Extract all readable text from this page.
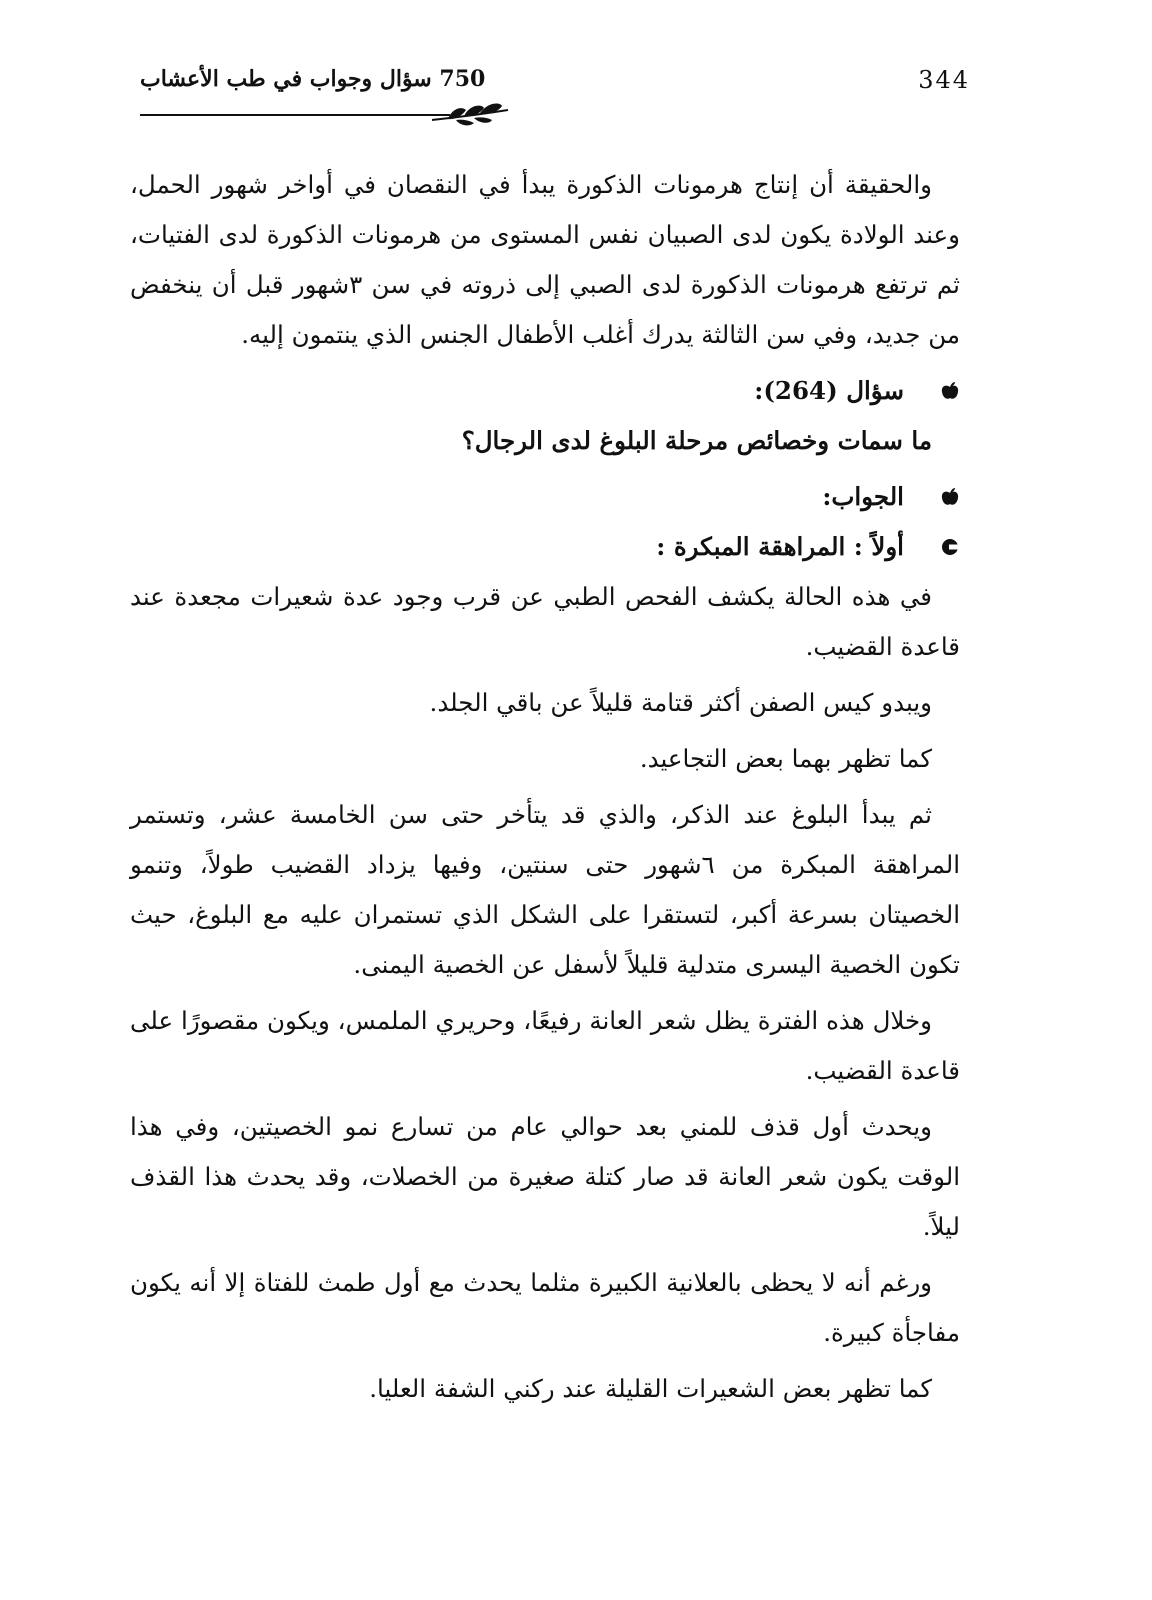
344
750 سؤال وجواب في طب الأعشاب

والحقيقة أن إنتاج هرمونات الذكورة يبدأ في النقصان في أواخر شهور الحمل، وعند الولادة يكون لدى الصبيان نفس المستوى من هرمونات الذكورة لدى الفتيات، ثم ترتفع هرمونات الذكورة لدى الصبي إلى ذروته في سن ٣شهور قبل أن ينخفض من جديد، وفي سن الثالثة يدرك أغلب الأطفال الجنس الذي ينتمون إليه.

سؤال (264):

ما سمات وخصائص مرحلة البلوغ لدى الرجال؟

الجواب:
أولاً : المراهقة المبكرة :

في هذه الحالة يكشف الفحص الطبي عن قرب وجود عدة شعيرات مجعدة عند قاعدة القضيب.

ويبدو كيس الصفن أكثر قتامة قليلاً عن باقي الجلد.

كما تظهر بهما بعض التجاعيد.

ثم يبدأ البلوغ عند الذكر، والذي قد يتأخر حتى سن الخامسة عشر، وتستمر المراهقة المبكرة من ٦شهور حتى سنتين، وفيها يزداد القضيب طولاً، وتنمو الخصيتان بسرعة أكبر، لتستقرا على الشكل الذي تستمران عليه مع البلوغ، حيث تكون الخصية اليسرى متدلية قليلاً لأسفل عن الخصية اليمنى.

وخلال هذه الفترة يظل شعر العانة رفيعًا، وحريري الملمس، ويكون مقصورًا على قاعدة القضيب.

ويحدث أول قذف للمني بعد حوالي عام من تسارع نمو الخصيتين، وفي هذا الوقت يكون شعر العانة قد صار كتلة صغيرة من الخصلات، وقد يحدث هذا القذف ليلاً.

ورغم أنه لا يحظى بالعلانية الكبيرة مثلما يحدث مع أول طمث للفتاة إلا أنه يكون مفاجأة كبيرة.

كما تظهر بعض الشعيرات القليلة عند ركني الشفة العليا.
